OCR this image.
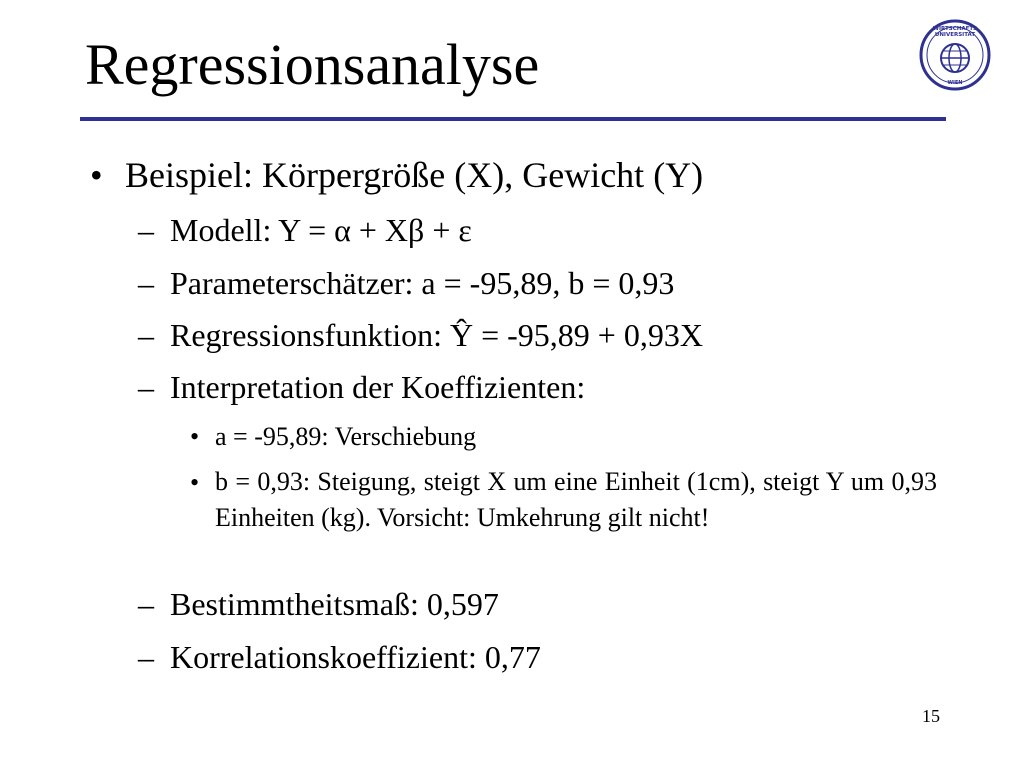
Regressionsanalyse
WIRTSCHAFTS
UNIVERSITÄT
WIEN
• Beispiel: Körpergröße (X), Gewicht (Y)
– Modell: Y = α + Xβ + ε
– Parameterschätzer: a = -95,89, b = 0,93
– Regressionsfunktion: Ŷ = -95,89 + 0,93X
– Interpretation der Koeffizienten:
• a = -95,89: Verschiebung
• b = 0,93: Steigung, steigt X um eine Einheit (1cm), steigt Y um 0,93 Einheiten (kg). Vorsicht: Umkehrung gilt nicht!
– Bestimmtheitsmaß: 0,597
– Korrelationskoeffizient: 0,77
15
